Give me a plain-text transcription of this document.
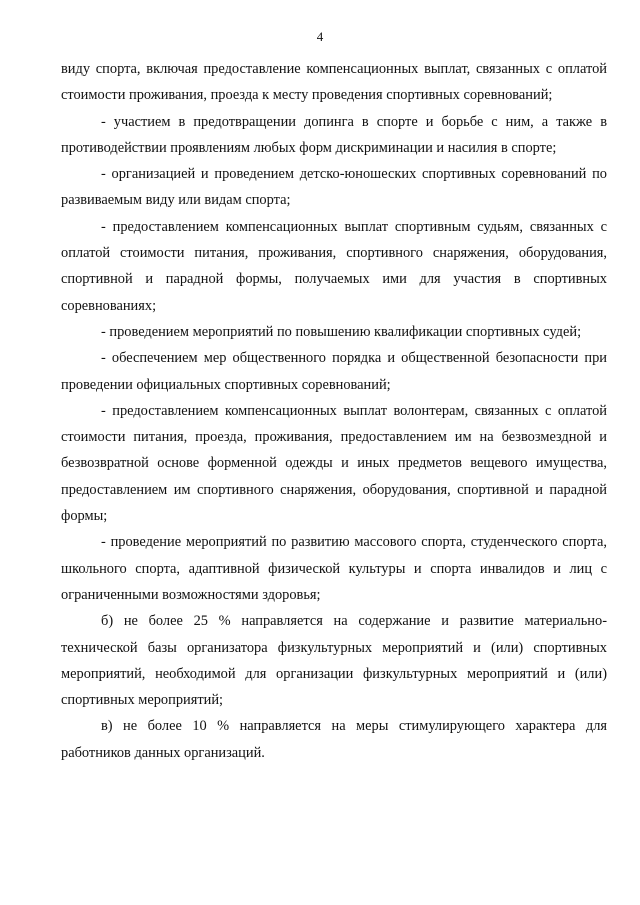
4

виду спорта, включая предоставление компенсационных выплат, связанных с оплатой стоимости проживания, проезда к месту проведения спортивных соревнований;

- участием в предотвращении допинга в спорте и борьбе с ним, а также в противодействии проявлениям любых форм дискриминации и насилия в спорте;

- организацией и проведением детско-юношеских спортивных соревнований по развиваемым виду или видам спорта;

- предоставлением компенсационных выплат спортивным судьям, связанных с оплатой стоимости питания, проживания, спортивного снаряжения, оборудования, спортивной и парадной формы, получаемых ими для участия в спортивных соревнованиях;

- проведением мероприятий по повышению квалификации спортивных судей;

- обеспечением мер общественного порядка и общественной безопасности при проведении официальных спортивных соревнований;

- предоставлением компенсационных выплат волонтерам, связанных с оплатой стоимости питания, проезда, проживания, предоставлением им на безвозмездной и безвозвратной основе форменной одежды и иных предметов вещевого имущества, предоставлением им спортивного снаряжения, оборудования, спортивной и парадной формы;

- проведение мероприятий по развитию массового спорта, студенческого спорта, школьного спорта, адаптивной физической культуры и спорта инвалидов и лиц с ограниченными возможностями здоровья;

б) не более 25 % направляется на содержание и развитие материально-технической базы организатора физкультурных мероприятий и (или) спортивных мероприятий, необходимой для организации физкультурных мероприятий и (или) спортивных мероприятий;

в) не более 10 % направляется на меры стимулирующего характера для работников данных организаций.
